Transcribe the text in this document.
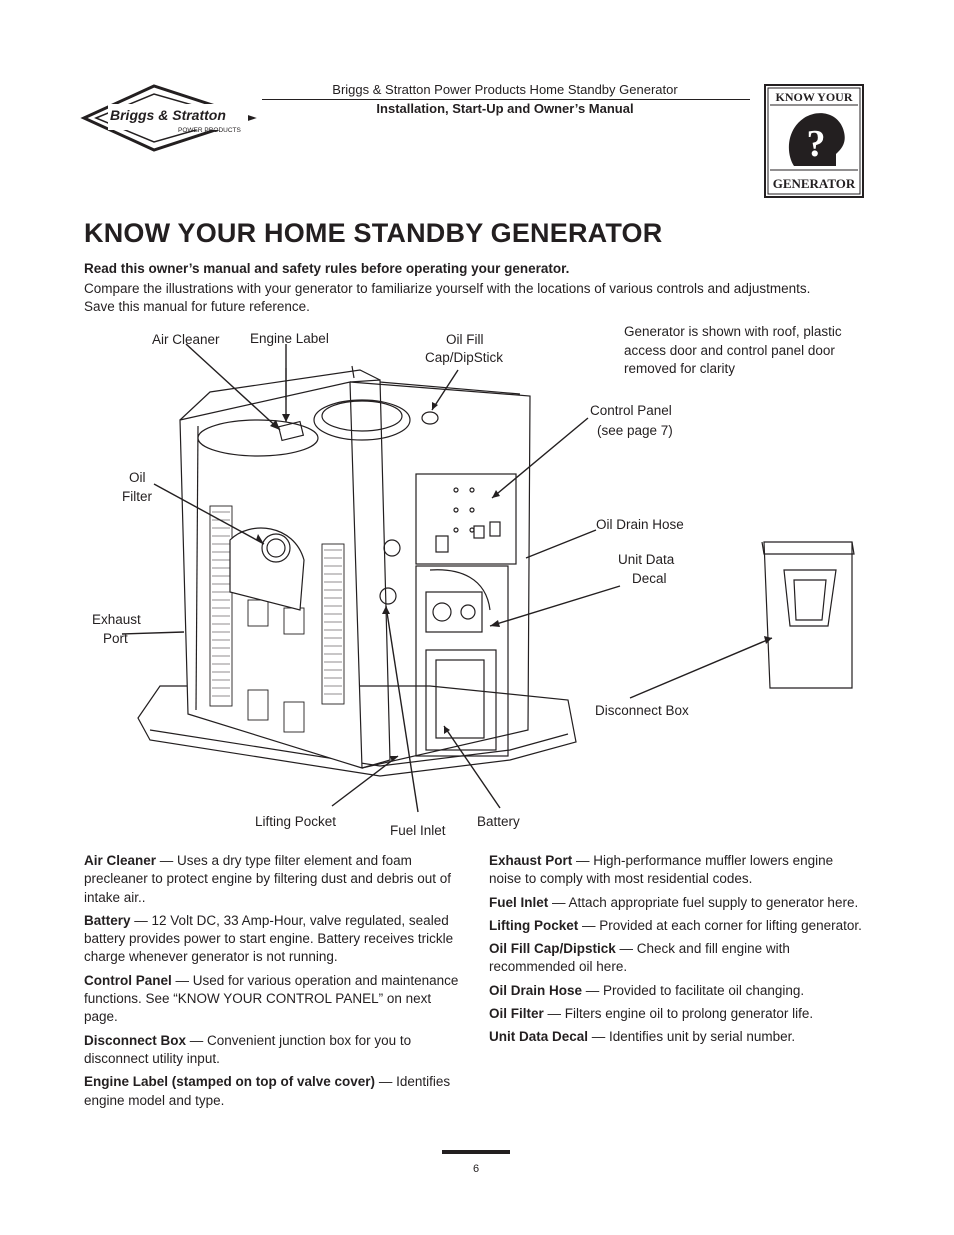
Briggs & Stratton
POWER PRODUCTS
Briggs & Stratton Power Products Home Standby Generator
Installation, Start-Up and Owner’s Manual
KNOW YOUR
?
GENERATOR
KNOW YOUR HOME STANDBY GENERATOR
Read this owner’s manual and safety rules before operating your generator.
Compare the illustrations with your generator to familiarize yourself with the locations of various controls and adjustments. Save this manual for future reference.
Generator is shown with roof, plastic access door and control panel door removed for clarity
Air Cleaner Engine Label	Oil Fill
Cap/DipStick
Control Panel
(see page 7)
Oil
Filter
Oil Drain Hose
Unit Data
Decal
Exhaust
Port
Disconnect Box
Lifting Pocket
Fuel Inlet
Battery

Air Cleaner — Uses a dry type filter element and foam precleaner to protect engine by filtering dust and debris out of intake air..

Battery — 12 Volt DC, 33 Amp-Hour, valve regulated, sealed battery provides power to start engine. Battery receives trickle charge whenever generator is not running.

Control Panel — Used for various operation and maintenance functions. See “KNOW YOUR CONTROL PANEL” on next page.

Disconnect Box — Convenient junction box for you to disconnect utility input.

Engine Label (stamped on top of valve cover) — Identifies engine model and type.

Exhaust Port — High-performance muffler lowers engine noise to comply with most residential codes.

Fuel Inlet — Attach appropriate fuel supply to generator here.

Lifting Pocket — Provided at each corner for lifting generator.

Oil Fill Cap/Dipstick — Check and fill engine with recommended oil here.

Oil Drain Hose — Provided to facilitate oil changing.

Oil Filter — Filters engine oil to prolong generator life.

Unit Data Decal — Identifies unit by serial number.

6
